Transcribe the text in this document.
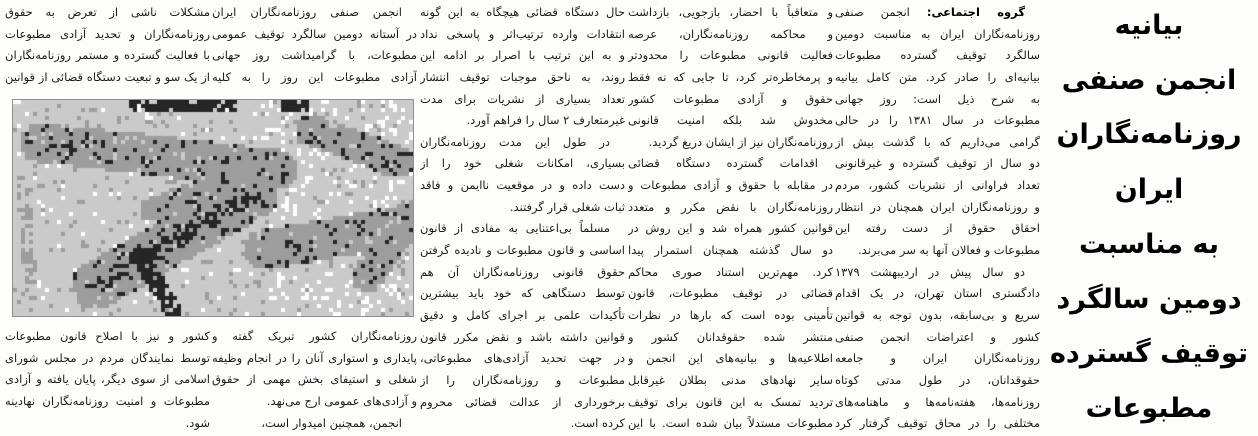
بیانیه
انجمن صنفی
روزنامه‌نگاران
ایران
به مناسبت
دومین سالگرد
توقیف گسترده
مطبوعات
گروه اجتماعی: انجمن صنفی
روزنامه‌نگاران ایران به مناسبت دومین
سالگرد توقیف گسترده مطبوعات
بیانیه‌ای را صادر کرد. متن کامل بیانیه
به شرح ذیل است: روز جهانی
مطبوعات در سال ۱۳۸۱ را در حالی
گرامی می‌داریم که با گذشت بیش از
دو سال از توقیف گسترده و غیرقانونی
تعداد فراوانی از نشریات کشور، مردم
و روزنامه‌نگاران ایران همچنان در انتظار
احقاق حقوق از دست رفته این
مطبوعات و فعالان آنها به سر می‌برند.
دو سال پیش در اردیبهشت ۱۳۷۹
دادگستری استان تهران، در یک اقدام
سریع و بی‌سابقه، بدون توجه به قوانین
کشور و اعتراضات انجمن صنفی
روزنامه‌نگاران ایران و جامعه
حقوقدانان، در طول مدتی کوتاه
روزنامه‌ها، هفته‌نامه‌ها و ماهنامه‌های
مختلفی را در محاق توقیف گرفتار کرد
و متعاقباً با احضار، بازجویی، بازداشت
و محاکمه روزنامه‌نگاران، عرصه
فعالیت قانونی مطبوعات را محدودتر
و پرمخاطره‌تر کرد، تا جایی که نه فقط
حقوق و آزادی مطبوعات کشور
مخدوش شد بلکه امنیت قانونی
روزنامه‌نگاران نیز از ایشان دریغ گردید.
اقدامات گسترده دستگاه قضائی
در مقابله با حقوق و آزادی مطبوعات و
روزنامه‌نگاران با نقض مکرر و متعدد
قوانین کشور همراه شد و این روش در
دو سال گذشته همچنان استمرار پیدا
کرد. مهم‌ترین استناد صوری محاکم
قضائی در توقیف مطبوعات، قانون
تأمینی بوده است که بارها در نظرات
منتشر شده حقوقدانان کشور و
اطلاعیه‌ها و بیانیه‌های این انجمن و
سایر نهادهای مدنی بطلان غیرقابل
تردید تمسک به این قانون برای توقیف
مطبوعات مستدلاً بیان شده است. با این
حال دستگاه قضائی هیچگاه به این گونه
انتقادات وارده ترتیب‌اثر و پاسخی نداد
و به این ترتیب با اصرار بر ادامه این
روند، به ناحق موجبات توقیف انتشار
تعداد بسیاری از نشریات برای مدت
غیرمتعارف ۲ سال را فراهم آورد.
در طول این مدت روزنامه‌نگاران
بسیاری، امکانات شغلی خود را از
دست داده و در موقعیت ناایمن و فاقد
ثبات شغلی قرار گرفتند.
مسلماً بی‌اعتنایی به مفادی از قانون
اساسی و قانون مطبوعات و نادیده گرفتن
حقوق قانونی روزنامه‌نگاران آن هم
توسط دستگاهی که خود باید بیشترین
تأکیدات علمی بر اجرای کامل و دقیق
قوانین داشته باشد و نقض مکرر قانون
در جهت تحدید آزادی‌های مطبوعاتی،
مطبوعات و روزنامه‌نگاران را از
برخورداری از عدالت قضائی محروم
کرده است.
انجمن صنفی روزنامه‌نگاران ایران
در آستانه دومین سالگرد توقیف عمومی
مطبوعات، با گرامیداشت روز جهانی
آزادی مطبوعات این روز را به کلیه
روزنامه‌نگاران کشور تبریک گفته و
پایداری و استواری آنان را در انجام وظیفه
شغلی و استیفای بخش مهمی از حقوق
و آزادی‌های عمومی ارج می‌نهد.
انجمن، همچنین امیدوار است،
مشکلات ناشی از تعرض به حقوق
روزنامه‌نگاران و تحدید آزادی مطبوعات
با فعالیت گسترده و مستمر روزنامه‌نگاران
از یک سو و تبعیت دستگاه قضائی از قوانین
کشور و نیز با اصلاح قانون مطبوعات
توسط نمایندگان مردم در مجلس شورای
اسلامی از سوی دیگر، پایان یافته و آزادی
مطبوعات و امنیت روزنامه‌نگاران نهادینه
شود.
